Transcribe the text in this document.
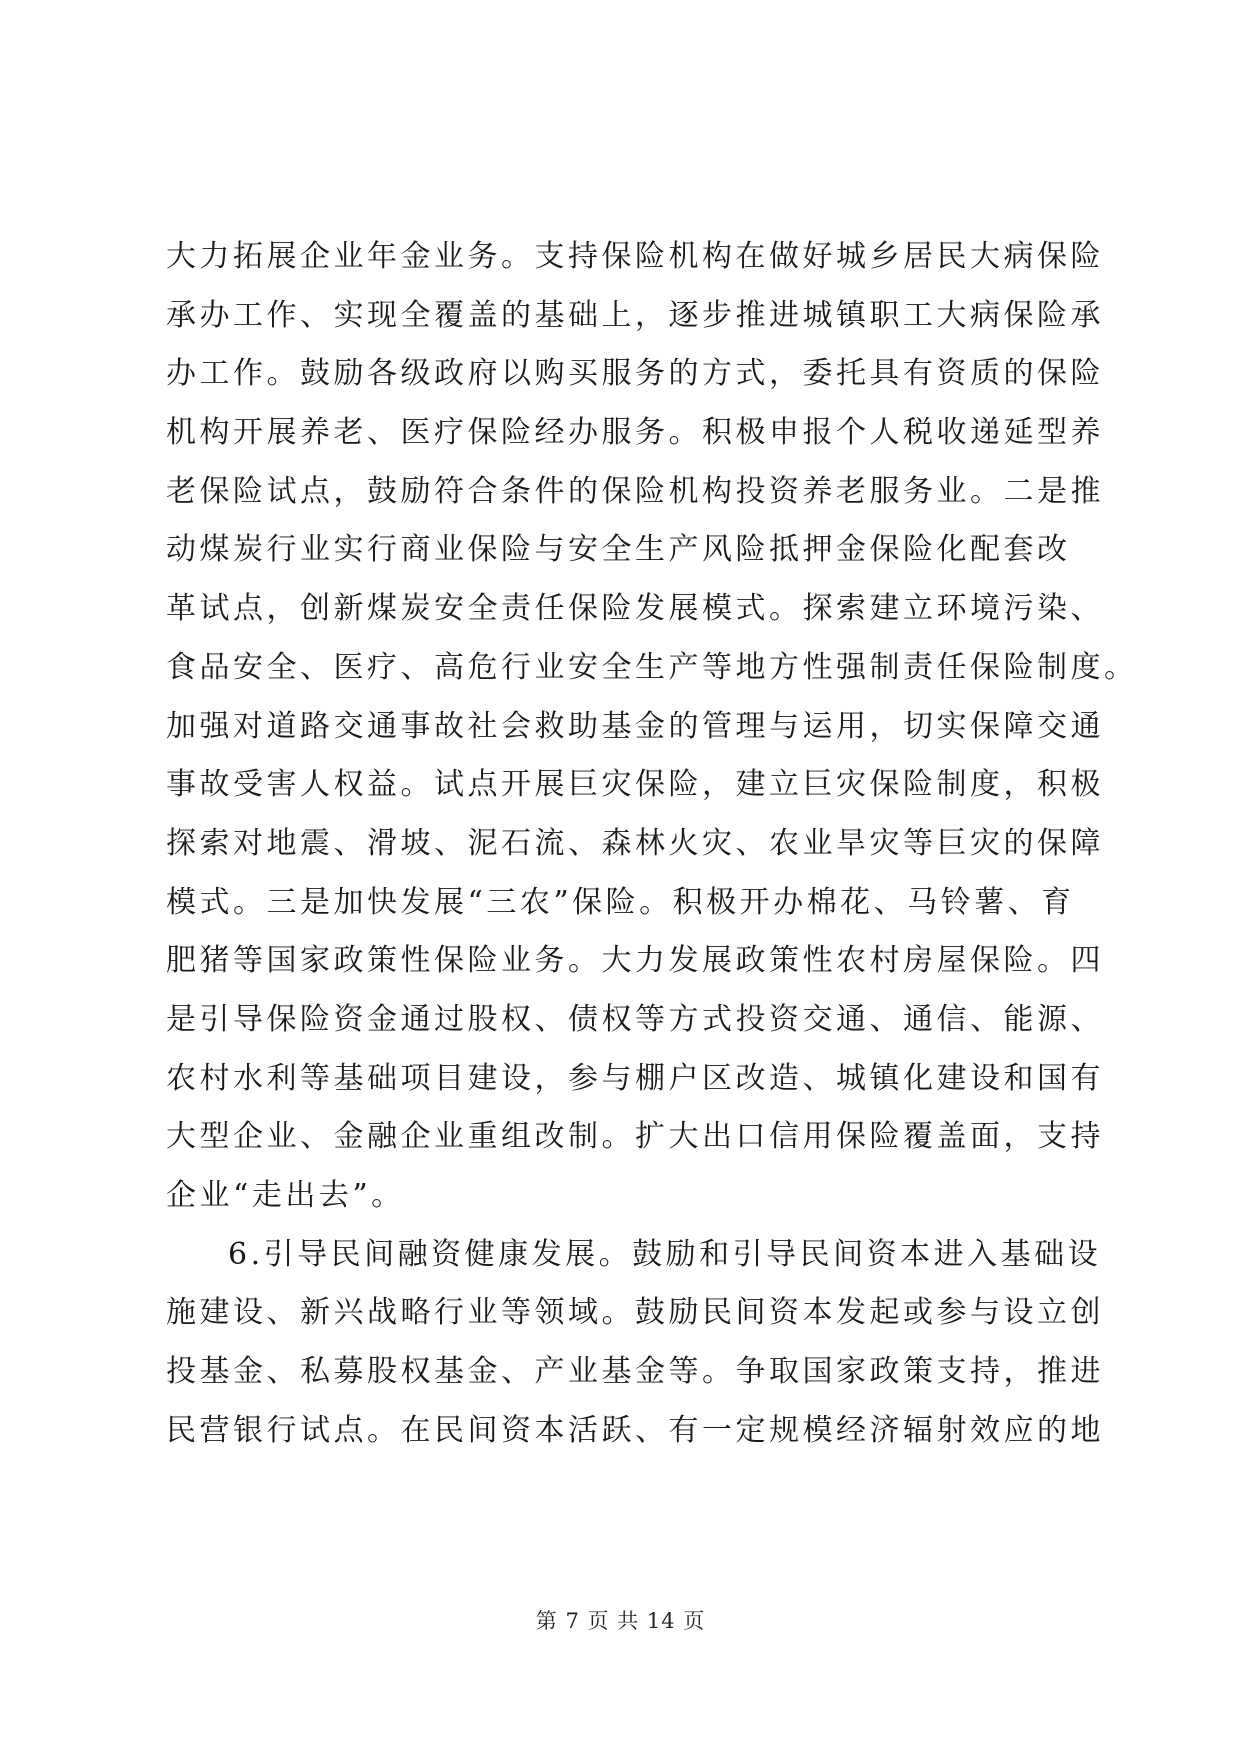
大力拓展企业年金业务。支持保险机构在做好城乡居民大病保险
承办工作、实现全覆盖的基础上，逐步推进城镇职工大病保险承
办工作。鼓励各级政府以购买服务的方式，委托具有资质的保险
机构开展养老、医疗保险经办服务。积极申报个人税收递延型养
老保险试点，鼓励符合条件的保险机构投资养老服务业。二是推
动煤炭行业实行商业保险与安全生产风险抵押金保险化配套改
革试点，创新煤炭安全责任保险发展模式。探索建立环境污染、
食品安全、医疗、高危行业安全生产等地方性强制责任保险制度。
加强对道路交通事故社会救助基金的管理与运用，切实保障交通
事故受害人权益。试点开展巨灾保险，建立巨灾保险制度，积极
探索对地震、滑坡、泥石流、森林火灾、农业旱灾等巨灾的保障
模式。三是加快发展“三农”保险。积极开办棉花、马铃薯、育
肥猪等国家政策性保险业务。大力发展政策性农村房屋保险。四
是引导保险资金通过股权、债权等方式投资交通、通信、能源、
农村水利等基础项目建设，参与棚户区改造、城镇化建设和国有
大型企业、金融企业重组改制。扩大出口信用保险覆盖面，支持
企业“走出去”。
6.引导民间融资健康发展。鼓励和引导民间资本进入基础设
施建设、新兴战略行业等领域。鼓励民间资本发起或参与设立创
投基金、私募股权基金、产业基金等。争取国家政策支持，推进
民营银行试点。在民间资本活跃、有一定规模经济辐射效应的地
第 7 页 共 14 页
